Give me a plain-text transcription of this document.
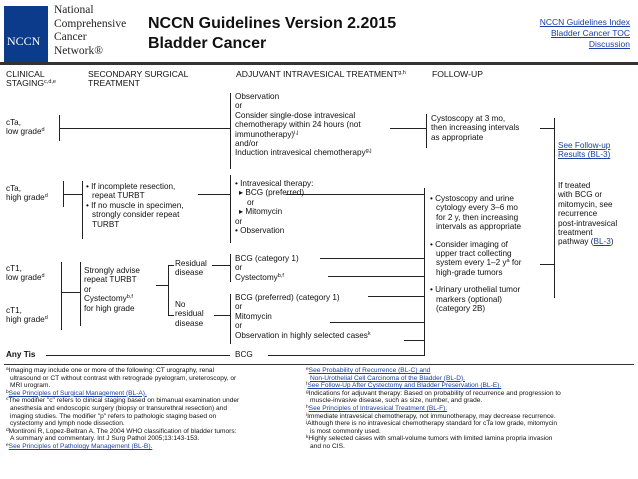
NCCN
National
Comprehensive
Cancer
Network®
NCCN Guidelines Version 2.2015
Bladder Cancer
NCCN Guidelines Index
Bladder Cancer TOC
Discussion
CLINICAL
STAGING$^{c,d,e}$
SECONDARY SURGICAL
TREATMENT
ADJUVANT INTRAVESICAL TREATMENT$^{g,h}$	FOLLOW-UP
cTa,
low grade$^d$
cTa,
high grade$^d$
cT1,
low grade$^d$
cT1,
high grade$^d$
Any Tis
• If incomplete resection,
repeat TURBT
• If no muscle in specimen,
strongly consider repeat
TURBT
Strongly advise
repeat TURBT
or
Cystectomy$^{b,f}$
for high grade
Residual
disease
No
residual
disease
Observation
or
Consider single-dose intravesical
chemotherapy within 24 hours (not
immunotherapy)$^{i,j}$
and/or
Induction intravesical chemotherapy$^{g,j}$
• Intravesical therapy:
▸ BCG (preferred)
or
▸ Mitomycin
or
• Observation
BCG (category 1)
or
Cystectomy$^{b,f}$
BCG (preferred) (category 1)
or
Mitomycin
or
Observation in highly selected cases$^k$
BCG
Cystoscopy at 3 mo,
then increasing intervals
as appropriate
• Cystoscopy and urine
cytology every 3–6 mo
for 2 y, then increasing
intervals as appropriate

• Consider imaging of
upper tract collecting
system every 1–2 $y^a$ for
high-grade tumors

• Urinary urothelial tumor
markers (optional)
(category 2B)
See Follow-up
Results (BL-3)
If treated
with BCG or
mitomycin, see
recurrence
post-intravesical
treatment
pathway (BL-3)
$^a$Imaging may include one or more of the following: CT urography, renal
ultrasound or CT without contrast with retrograde pyelogram, ureteroscopy, or
MRI urogram.
$^b$See Principles of Surgical Management (BL-A).
$^c$The modifier "c" refers to clinical staging based on bimanual examination under
anesthesia and endoscopic surgery (biopsy or transurethral resection) and
imaging studies. The modifier "p" refers to pathologic staging based on
cystectomy and lymph node dissection.
$^d$Montironi R, Lopez-Beltran A. The 2004 WHO classification of bladder tumors:
A summary and commentary. Int J Surg Pathol 2005;13:143-153.
$^e$See Principles of Pathology Management (BL-B).
$^e$See Probability of Recurrence (BL-C) and
Non-Urothelial Cell Carcinoma of the Bladder (BL-D).
$^f$See Follow-Up After Cystectomy and Bladder Preservation (BL-E).
$^g$Indications for adjuvant therapy: Based on probability of recurrence and progression to
muscle-invasive disease, such as size, number, and grade.
$^h$See Principles of Intravesical Treatment (BL-F).
$^i$Immediate intravesical chemotherapy, not immunotherapy, may decrease recurrence.
$^j$Although there is no intravesical chemotherapy standard for cTa low grade, mitomycin
is most commonly used.
$^k$Highly selected cases with small-volume tumors with limited lamina propria invasion
and no CIS.
